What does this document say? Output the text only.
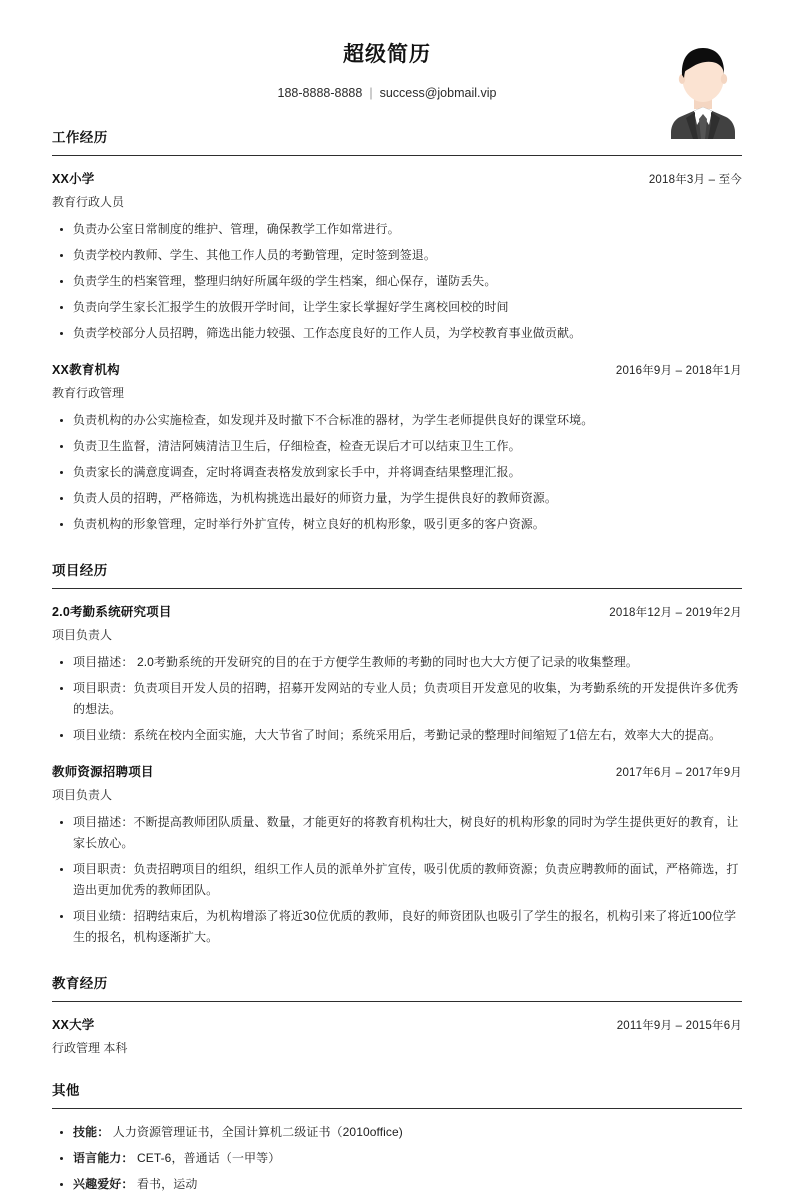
超级简历
188-8888-8888 | success@jobmail.vip
工作经历
XX小学	2018年3月 – 至今
教育行政人员
负责办公室日常制度的维护、管理，确保教学工作如常进行。
负责学校内教师、学生、其他工作人员的考勤管理，定时签到签退。
负责学生的档案管理，整理归纳好所属年级的学生档案，细心保存，谨防丢失。
负责向学生家长汇报学生的放假开学时间，让学生家长掌握好学生离校回校的时间
负责学校部分人员招聘，筛选出能力较强、工作态度良好的工作人员，为学校教育事业做贡献。
XX教育机构	2016年9月 – 2018年1月
教育行政管理
负责机构的办公实施检查，如发现并及时撤下不合标准的器材，为学生老师提供良好的课堂环境。
负责卫生监督，清洁阿姨清洁卫生后，仔细检查，检查无误后才可以结束卫生工作。
负责家长的满意度调查，定时将调查表格发放到家长手中，并将调查结果整理汇报。
负责人员的招聘，严格筛选，为机构挑选出最好的师资力量，为学生提供良好的教师资源。
负责机构的形象管理，定时举行外扩宣传，树立良好的机构形象，吸引更多的客户资源。
项目经历
2.0考勤系统研究项目	2018年12月 – 2019年2月
项目负责人
项目描述： 2.0考勤系统的开发研究的目的在于方便学生教师的考勤的同时也大大方便了记录的收集整理。
项目职责：负责项目开发人员的招聘，招募开发网站的专业人员；负责项目开发意见的收集，为考勤系统的开发提供许多优秀的想法。
项目业绩：系统在校内全面实施，大大节省了时间；系统采用后，考勤记录的整理时间缩短了1倍左右，效率大大的提高。
教师资源招聘项目	2017年6月 – 2017年9月
项目负责人
项目描述：不断提高教师团队质量、数量，才能更好的将教育机构壮大，树良好的机构形象的同时为学生提供更好的教育，让家长放心。
项目职责：负责招聘项目的组织，组织工作人员的派单外扩宣传，吸引优质的教师资源；负责应聘教师的面试，严格筛选，打造出更加优秀的教师团队。
项目业绩：招聘结束后，为机构增添了将近30位优质的教师，良好的师资团队也吸引了学生的报名，机构引来了将近100位学生的报名，机构逐渐扩大。
教育经历
XX大学	2011年9月 – 2015年6月
行政管理 本科
其他
技能： 人力资源管理证书，全国计算机二级证书（2010office)
语言能力： CET-6，普通话（一甲等）
兴趣爱好： 看书，运动
